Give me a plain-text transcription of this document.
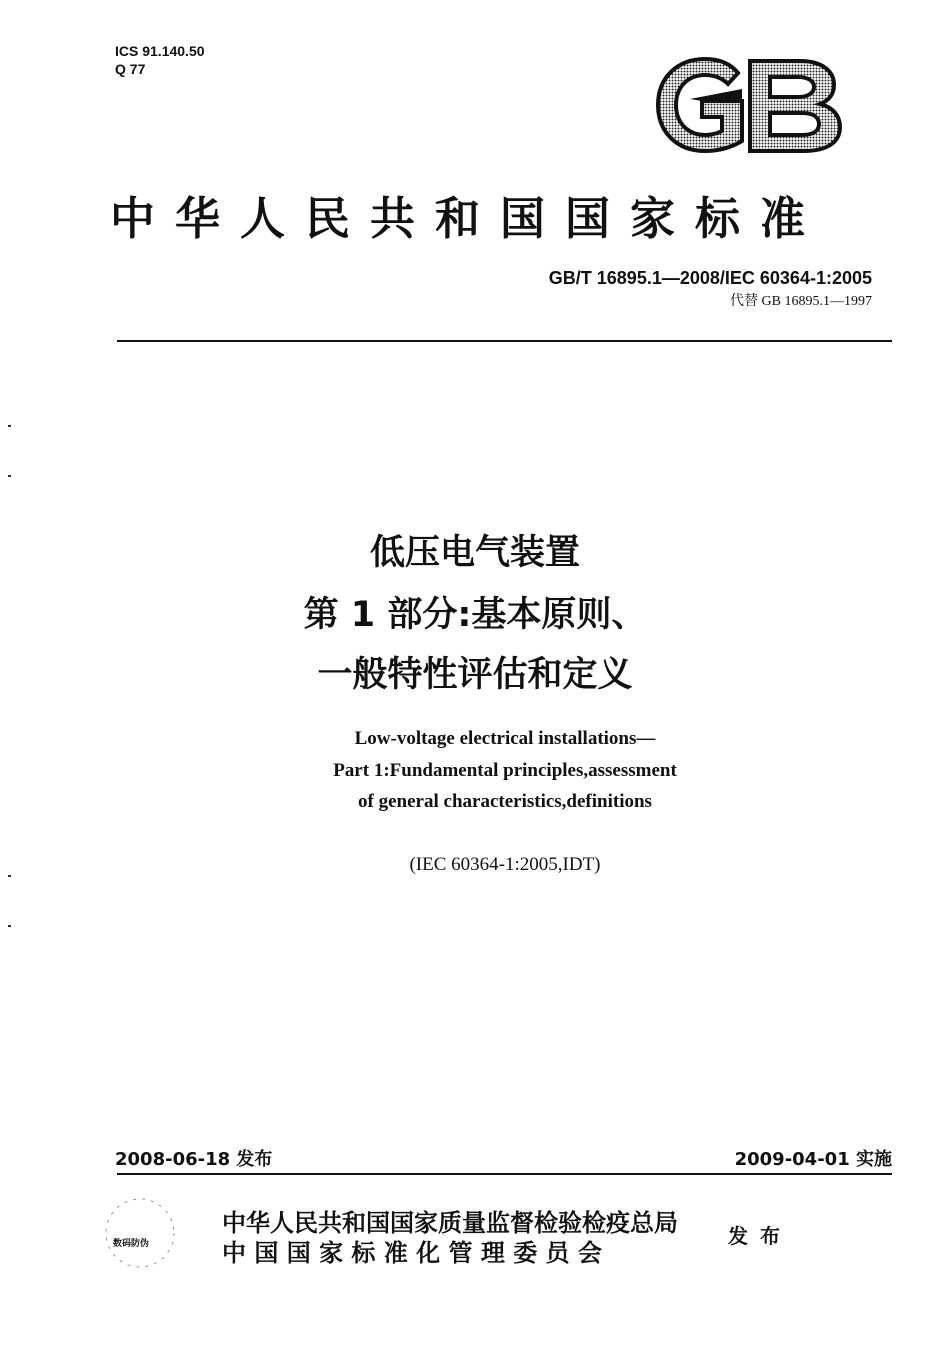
ICS 91.140.50
Q 77
中华人民共和国国家标准
GB/T 16895.1—2008/IEC 60364-1:2005
代替 GB 16895.1—1997
低压电气装置
第 1 部分:基本原则、
一般特性评估和定义
Low-voltage electrical installations—
Part 1:Fundamental principles,assessment
of general characteristics,definitions
(IEC 60364-1:2005,IDT)
2008-06-18 发布	2009-04-01 实施
数码防伪
中华人民共和国国家质量监督检验检疫总局
中 国 国 家 标 准 化 管 理 委 员 会
发布
